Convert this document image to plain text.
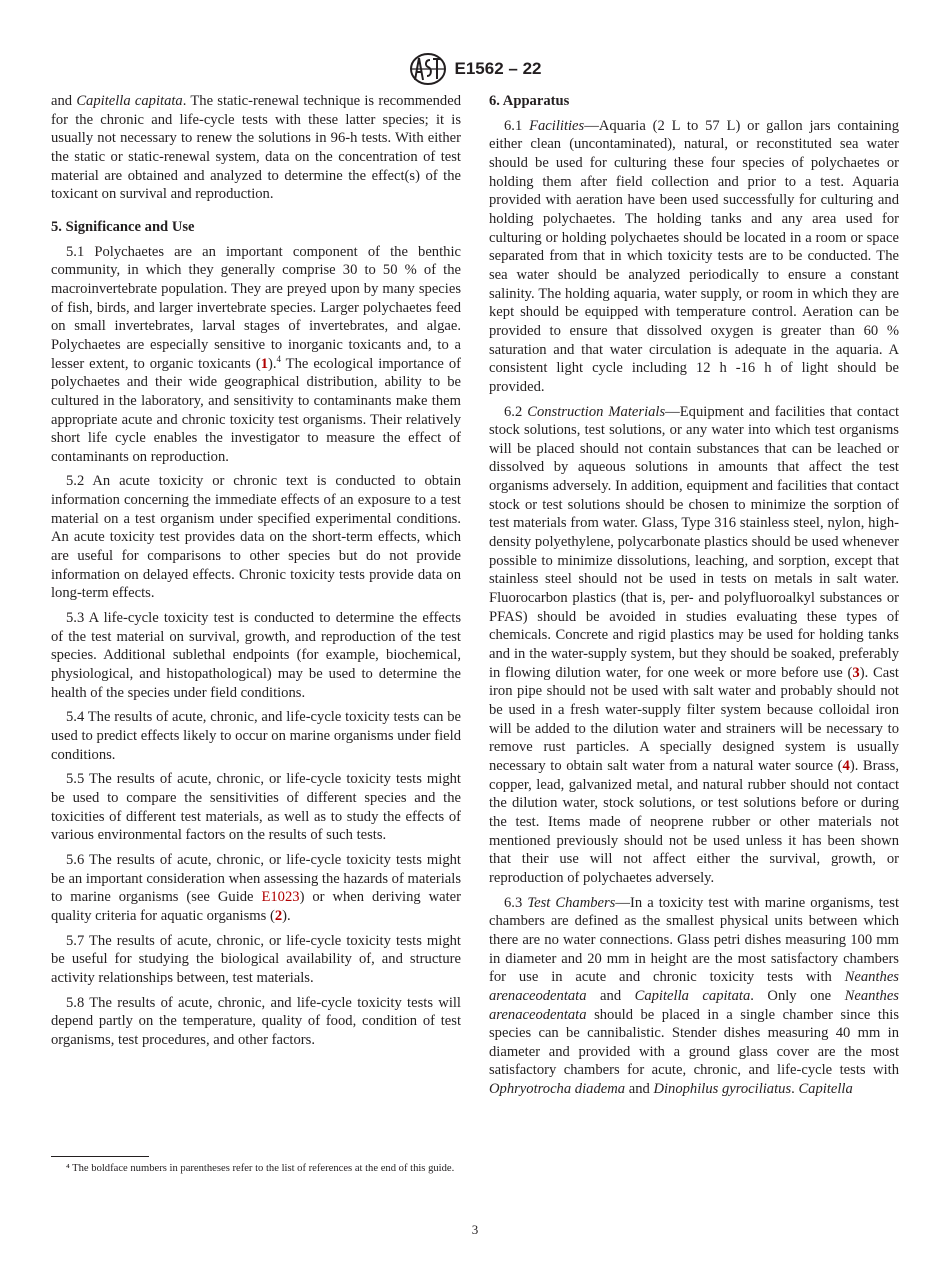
E1562 – 22

and Capitella capitata. The static-renewal technique is recommended for the chronic and life-cycle tests with these latter species; it is usually not necessary to renew the solutions in 96-h tests. With either the static or static-renewal system, data on the concentration of test material are obtained and analyzed to determine the effect(s) of the toxicant on survival and reproduction.

5. Significance and Use

5.1 Polychaetes are an important component of the benthic community, in which they generally comprise 30 to 50 % of the macroinvertebrate population. They are preyed upon by many species of fish, birds, and larger invertebrate species. Larger polychaetes feed on small invertebrates, larval stages of invertebrates, and algae. Polychaetes are especially sensitive to inorganic toxicants and, to a lesser extent, to organic toxicants (1).$^4$ The ecological importance of polychaetes and their wide geographical distribution, ability to be cultured in the laboratory, and sensitivity to contaminants make them appropriate acute and chronic toxicity test organisms. Their relatively short life cycle enables the investigator to measure the effect of contaminants on reproduction.

5.2 An acute toxicity or chronic text is conducted to obtain information concerning the immediate effects of an exposure to a test material on a test organism under specified experimental conditions. An acute toxicity test provides data on the short-term effects, which are useful for comparisons to other species but do not provide information on delayed effects. Chronic toxicity tests provide data on long-term effects.

5.3 A life-cycle toxicity test is conducted to determine the effects of the test material on survival, growth, and reproduction of the test species. Additional sublethal endpoints (for example, biochemical, physiological, and histopathological) may be used to determine the health of the species under field conditions.

5.4 The results of acute, chronic, and life-cycle toxicity tests can be used to predict effects likely to occur on marine organisms under field conditions.

5.5 The results of acute, chronic, or life-cycle toxicity tests might be used to compare the sensitivities of different species and the toxicities of different test materials, as well as to study the effects of various environmental factors on the results of such tests.

5.6 The results of acute, chronic, or life-cycle toxicity tests might be an important consideration when assessing the hazards of materials to marine organisms (see Guide E1023) or when deriving water quality criteria for aquatic organisms (2).

5.7 The results of acute, chronic, or life-cycle toxicity tests might be useful for studying the biological availability of, and structure activity relationships between, test materials.

5.8 The results of acute, chronic, and life-cycle toxicity tests will depend partly on the temperature, quality of food, condition of test organisms, test procedures, and other factors.

⁴ The boldface numbers in parentheses refer to the list of references at the end of this guide.

6. Apparatus

6.1 Facilities—Aquaria (2 L to 57 L) or gallon jars containing either clean (uncontaminated), natural, or reconstituted sea water should be used for culturing these four species of polychaetes or holding them after field collection and prior to a test. Aquaria provided with aeration have been used successfully for culturing and holding polychaetes. The holding tanks and any area used for culturing or holding polychaetes should be located in a room or space separated from that in which toxicity tests are to be conducted. The sea water should be analyzed periodically to ensure a constant salinity. The holding aquaria, water supply, or room in which they are kept should be equipped with temperature control. Aeration can be provided to ensure that dissolved oxygen is greater than 60 % saturation and that water circulation is adequate in the aquaria. A consistent light cycle including 12 h -16 h of light should be provided.

6.2 Construction Materials—Equipment and facilities that contact stock solutions, test solutions, or any water into which test organisms will be placed should not contain substances that can be leached or dissolved by aqueous solutions in amounts that affect the test organisms adversely. In addition, equipment and facilities that contact stock or test solutions should be chosen to minimize the sorption of test materials from water. Glass, Type 316 stainless steel, nylon, high-density polyethylene, polycarbonate plastics should be used whenever possible to minimize dissolutions, leaching, and sorption, except that stainless steel should not be used in tests on metals in salt water. Fluorocarbon plastics (that is, per- and polyfluoroalkyl substances or PFAS) should be avoided in studies evaluating these types of chemicals. Concrete and rigid plastics may be used for holding tanks and in the water-supply system, but they should be soaked, preferably in flowing dilution water, for one week or more before use (3). Cast iron pipe should not be used with salt water and probably should not be used in a fresh water-supply filter system because colloidal iron will be added to the dilution water and strainers will be necessary to remove rust particles. A specially designed system is usually necessary to obtain salt water from a natural water source (4). Brass, copper, lead, galvanized metal, and natural rubber should not contact the dilution water, stock solutions, or test solutions before or during the test. Items made of neoprene rubber or other materials not mentioned previously should not be used unless it has been shown that their use will not affect either the survival, growth, or reproduction of polychaetes adversely.

6.3 Test Chambers—In a toxicity test with marine organisms, test chambers are defined as the smallest physical units between which there are no water connections. Glass petri dishes measuring 100 mm in diameter and 20 mm in height are the most satisfactory chambers for use in acute and chronic toxicity tests with Neanthes arenaceodentata and Capitella capitata. Only one Neanthes arenaceodentata should be placed in a single chamber since this species can be cannibalistic. Stender dishes measuring 40 mm in diameter and provided with a ground glass cover are the most satisfactory chambers for acute, chronic, and life-cycle tests with Ophryotrocha diadema and Dinophilus gyrociliatus. Capitella

3
